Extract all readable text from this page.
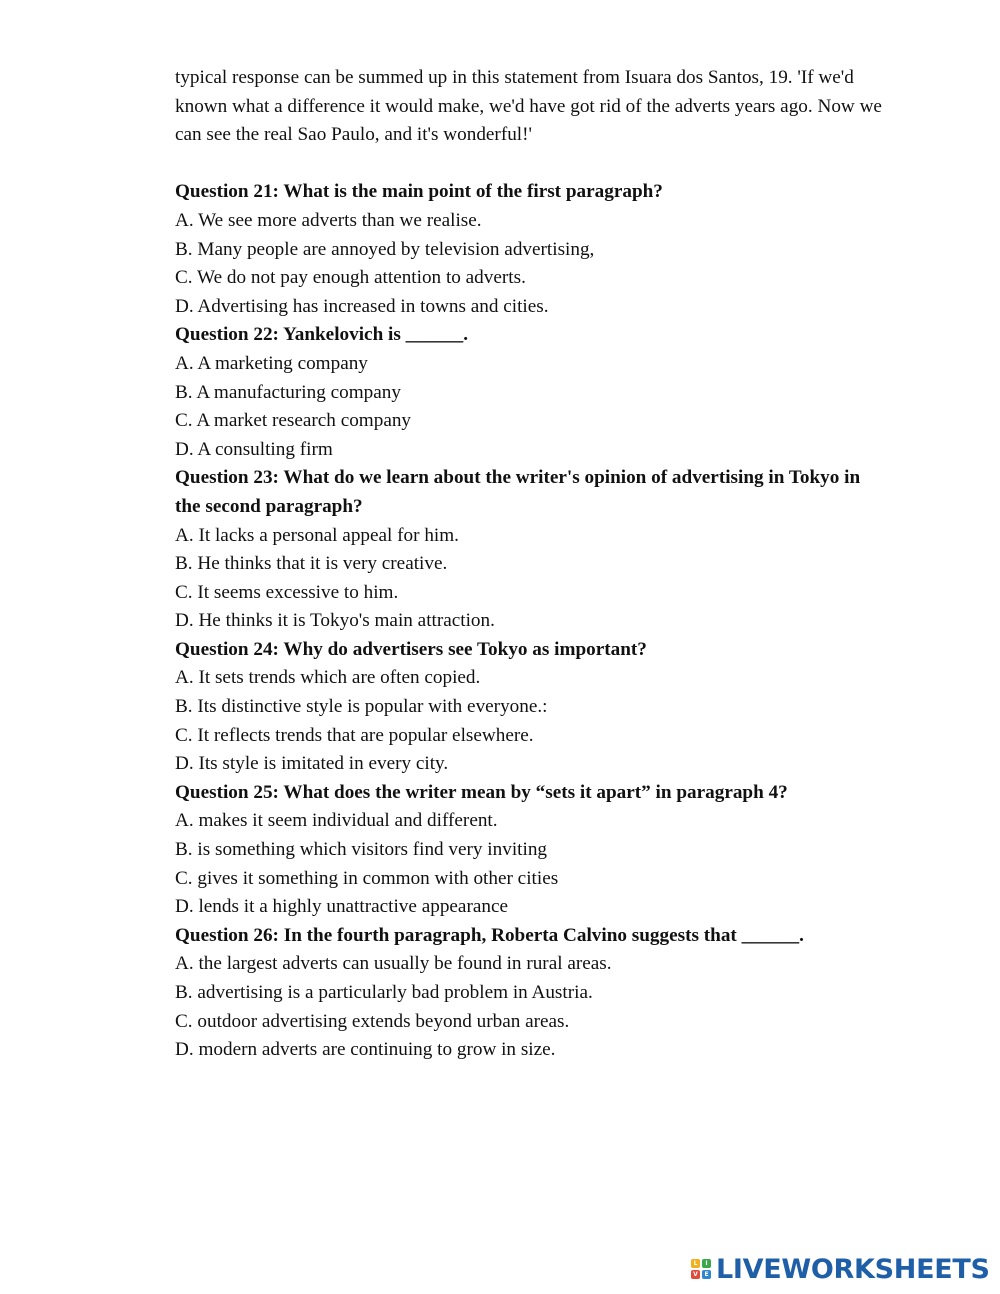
typical response can be summed up in this statement from Isuara dos Santos, 19. 'If we'd known what a difference it would make, we'd have got rid of the adverts years ago. Now we can see the real Sao Paulo, and it's wonderful!'

Question 21: What is the main point of the first paragraph?

A. We see more adverts than we realise.

B. Many people are annoyed by television advertising,

C. We do not pay enough attention to adverts.

D. Advertising has increased in towns and cities.

Question 22: Yankelovich is ______.

A. A marketing company

B. A manufacturing company

C. A market research company

D. A consulting firm

Question 23: What do we learn about the writer's opinion of advertising in Tokyo in the second paragraph?

A. It lacks a personal appeal for him.

B. He thinks that it is very creative.

C. It seems excessive to him.

D. He thinks it is Tokyo's main attraction.

Question 24: Why do advertisers see Tokyo as important?

A. It sets trends which are often copied.

B. Its distinctive style is popular with everyone.:

C. It reflects trends that are popular elsewhere.

D. Its style is imitated in every city.

Question 25: What does the writer mean by “sets it apart” in paragraph 4?

A. makes it seem individual and different.

B. is something which visitors find very inviting

C. gives it something in common with other cities

D. lends it a highly unattractive appearance

Question 26: In the fourth paragraph, Roberta Calvino suggests that ______.

A. the largest adverts can usually be found in rural areas.

B. advertising is a particularly bad problem in Austria.

C. outdoor advertising extends beyond urban areas.

D. modern adverts are continuing to grow in size.

L	I
V	E LIVEWORKSHEETS
